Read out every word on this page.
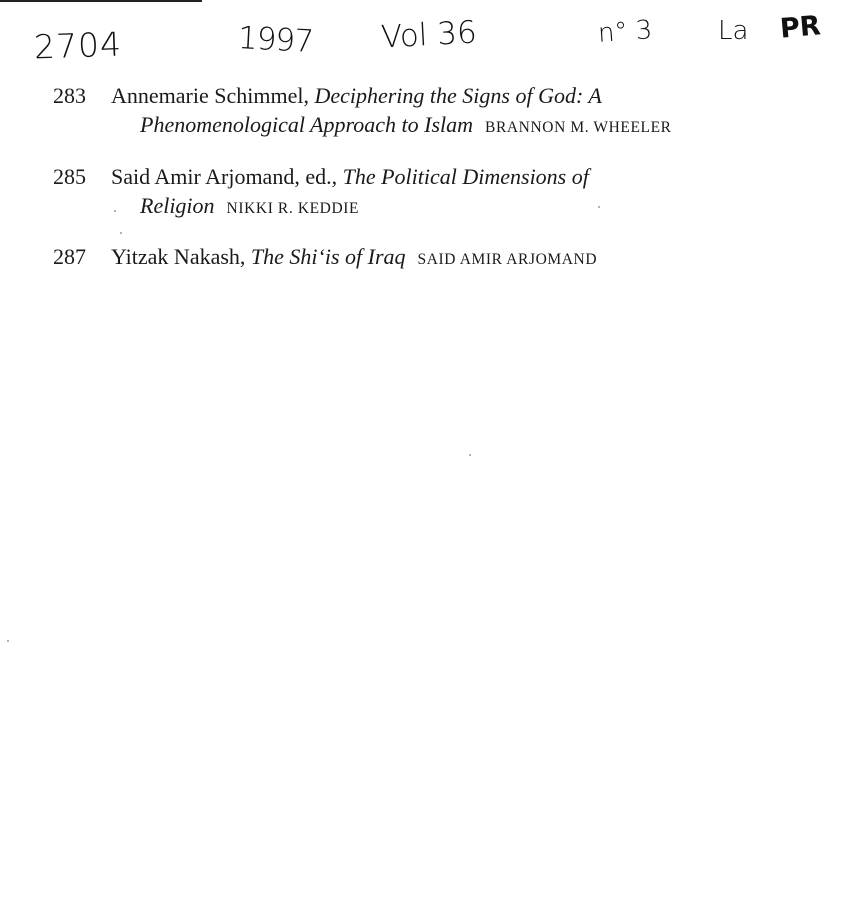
2704	1997 Vol 36	n° 3 La PR
283 Annemarie Schimmel, Deciphering the Signs of God: A
Phenomenological Approach to Islam BRANNON M. WHEELER
285 Said Amir Arjomand, ed., The Political Dimensions of
Religion NIKKI R. KEDDIE
287 Yitzak Nakash, The Shi‘is of Iraq SAID AMIR ARJOMAND
